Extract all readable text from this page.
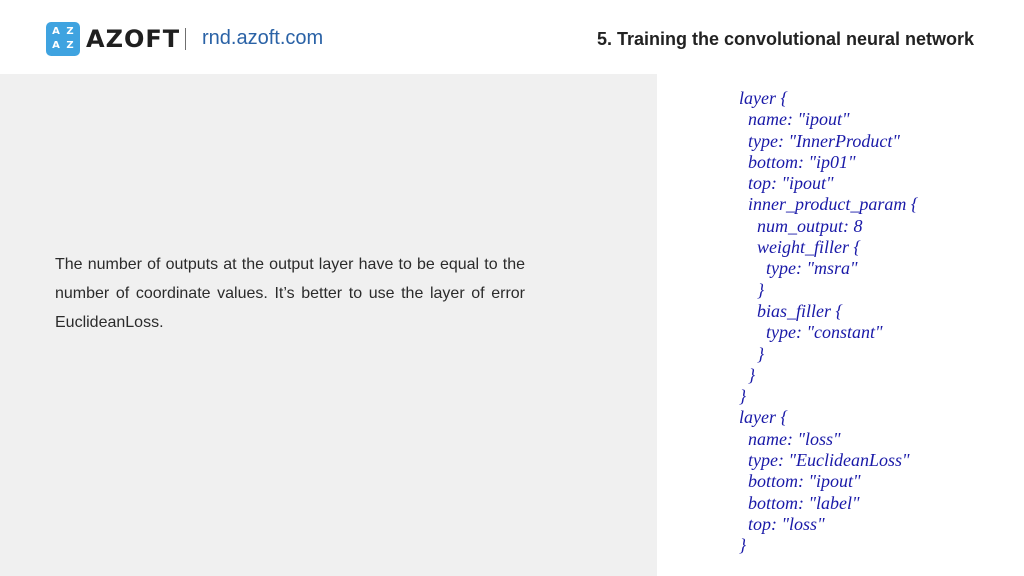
A Z
A Z AZOFT rnd.azoft.com	5. Training the convolutional neural network
The number of outputs at the output layer have to be equal to the number of coordinate values. It’s better to use the layer of error EuclideanLoss.
layer {
name: "ipout"
type: "InnerProduct"
bottom: "ip01"
top: "ipout"
inner_product_param {
num_output: 8
weight_filler {
type: "msra"
}
bias_filler {
type: "constant"
}
}
}
layer {
name: "loss"
type: "EuclideanLoss"
bottom: "ipout"
bottom: "label"
top: "loss"
}
